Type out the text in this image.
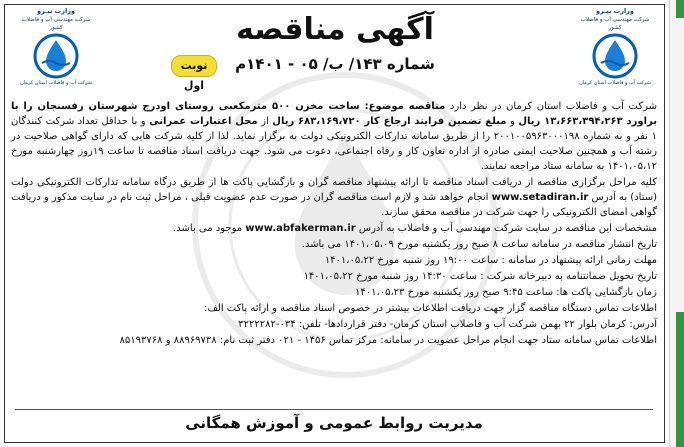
وزارت نیـرو
شرکت مهندسی آب و فاضلاب کشور
شرکت آب و فاضلاب استان کرمان
وزارت نیـرو
شرکت مهندسی آب و فاضلاب کشور
شرکت آب و فاضلاب استان کرمان
آگهی مناقصه
شماره ۱۴۳/ ب/ ۰۵ - ۱۴۰۱م
نوبت اول

شرکت آب و فاضلاب استان کرمان در نظر دارد مناقصه موضوع: ساخت مخزن ۵۰۰ مترمکعبی روستای اودرج شهرستان رفسنجان را با براورد ۱۳،۶۶۳،۳۹۴،۲۶۳ ریال و مبلغ تضمین فرایند ارجاع کار ۶۸۳،۱۶۹،۷۲۰ ریال از محل اعتبارات عمرانی و با حداقل تعداد شرکت کنندگان ۱ نفر و به شماره ۲۰۰۱۰۰۵۹۶۳۰۰۰۱۹۸ را از طریق سامانه تدارکات الکترونیکی دولت به برگزار نماید. لذا از کلیه شرکت هایی که دارای گواهی صلاحیت در رشته آب و همچنین صلاحیت ایمنی صادره از اداره تعاون کار و رفاه اجتماعی، دعوت می شود. جهت دریافت اسناد مناقصه تا ساعت ۱۹روز چهارشنبه مورخ ۱۴۰۱،۰۵،۱۲ به سامانه ستاد مراجعه نمایند.

کلیه مراحل برگزاری مناقصه از دریافت اسناد مناقصه تا ارائه پیشنهاد مناقصه گران و بازگشایی پاکت ها از طریق درگاه سامانه تدارکات الکترونیکی دولت (ستاد) به آدرس www.setadiran.ir انجام خواهد شد و لازم است مناقصه گران در صورت عدم عضویت قبلی ، مراحل ثبت نام در سایت مذکور و دریافت گواهی امضای الکترونیکی را جهت شرکت در مناقصه محقق سازند.

مشخصات این مناقصه در سایت شرکت مهندسی آب و فاضلاب به آدرس www.abfakerman.ir موجود می باشد.

تاریخ انتشار مناقصه در سامانه ساعت ۸ صبح روز یکشنبه مورخ ۱۴۰۱،۰۵،۰۹ می باشد.

مهلت زمانی ارائه پیشنهاد در سامانه : ساعت ۱۹:۰۰ روز شنبه مورخ ۱۴۰۱،۰۵،۲۲

تاریخ تحویل ضمانتنامه به دبیرخانه شرکت : ساعت ۱۴:۳۰ روز شنبه مورخ ۱۴۰۱،۰۵،۲۲

زمان بازگشایی پاکت ها: ساعت ۹:۴۵ صبح روز یکشنبه مورخ ۱۴۰۱،۰۵،۲۳

اطلاعات تماس دستگاه مناقصه گزار جهت دریافت اطلاعات بیشتر در خصوص اسناد مناقصه و ارائه پاکت الف:

آدرس: کرمان بلوار ۲۲ بهمن شرکت آب و فاضلاب استان کرمان- دفتر قراردادها- تلفن: ۰۳۴-۳۲۲۲۲۸۲

اطلاعات تماس سامانه ستاد جهت انجام مراحل عضویت در سامانه: مرکز تماس ۱۴۵۶ - ۰۲۱ دفتر ثبت نام: ۸۸۹۶۹۷۳۸ و ۸۵۱۹۳۷۶۸

مدیریت روابط عمومی و آموزش همگانی
